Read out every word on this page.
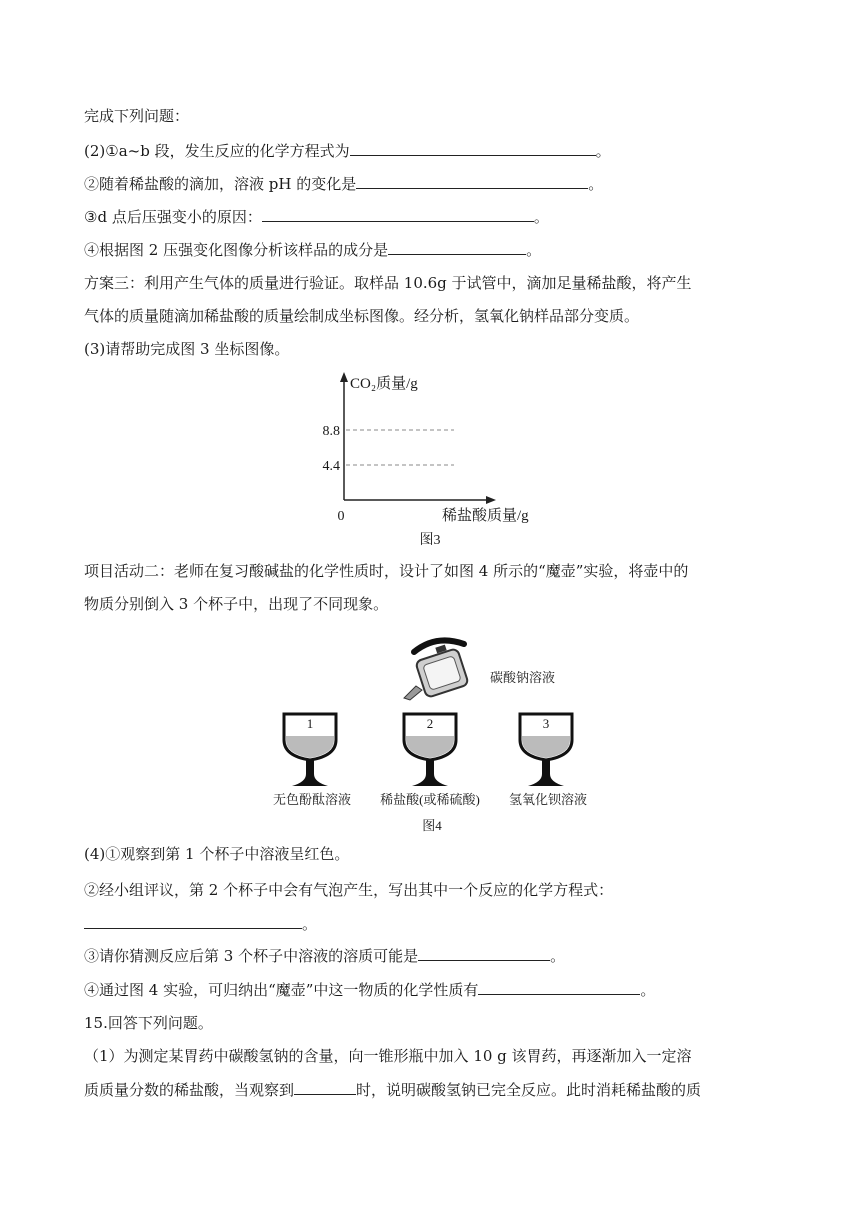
完成下列问题：
(2)①a~b 段，发生反应的化学方程式为	。
②随着稀盐酸的滴加，溶液 pH 的变化是	。
③d 点后压强变小的原因：	。
④根据图 2 压强变化图像分析该样品的成分是	。
方案三：利用产生气体的质量进行验证。取样品 10.6g 于试管中，滴加足量稀盐酸，将产生
气体的质量随滴加稀盐酸的质量绘制成坐标图像。经分析，氢氧化钠样品部分变质。
(3)请帮助完成图 3 坐标图像。
CO₂质量/g
8.8
4.4
0	稀盐酸质量/g
图3
项目活动二：老师在复习酸碱盐的化学性质时，设计了如图 4 所示的“魔壶”实验，将壶中的
物质分别倒入 3 个杯子中，出现了不同现象。
碳酸钠溶液
1	2	3
无色酚酞溶液 稀盐酸(或稀硫酸) 氢氧化钡溶液
图4
(4)①观察到第 1 个杯子中溶液呈红色。
②经小组评议，第 2 个杯子中会有气泡产生，写出其中一个反应的化学方程式：
。
③请你猜测反应后第 3 个杯子中溶液的溶质可能是	。
④通过图 4 实验，可归纳出“魔壶”中这一物质的化学性质有	。
15.回答下列问题。
（1）为测定某胃药中碳酸氢钠的含量，向一锥形瓶中加入 10 g 该胃药，再逐渐加入一定溶
质质量分数的稀盐酸，当观察到	时，说明碳酸氢钠已完全反应。此时消耗稀盐酸的质
